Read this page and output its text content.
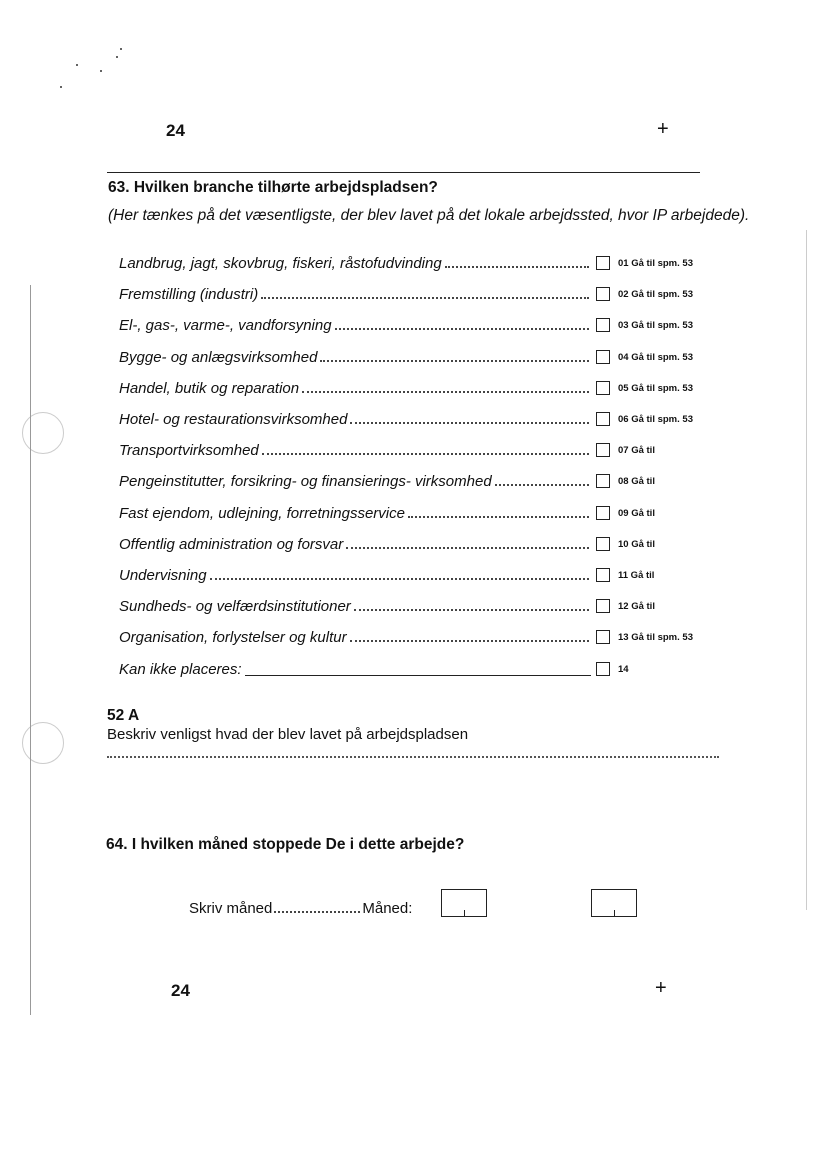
24	+
63. Hvilken branche tilhørte arbejdspladsen?
(Her tænkes på det væsentligste, der blev lavet på det lokale arbejdssted, hvor IP arbejdede).
Landbrug, jagt, skovbrug, fiskeri, råstofudvinding	01 Gå til spm. 53
Fremstilling (industri)	02 Gå til spm. 53
El-, gas-, varme-, vandforsyning	03 Gå til spm. 53
Bygge- og anlægsvirksomhed	04 Gå til spm. 53
Handel, butik og reparation	05 Gå til spm. 53
Hotel- og restaurationsvirksomhed	06 Gå til spm. 53
Transportvirksomhed	07 Gå til
Pengeinstitutter, forsikring- og finansierings- virksomhed	08 Gå til
Fast ejendom, udlejning, forretningsservice	09 Gå til
Offentlig administration og forsvar	10 Gå til
Undervisning	11 Gå til
Sundheds- og velfærdsinstitutioner	12 Gå til
Organisation, forlystelser og kultur	13 Gå til spm. 53
Kan ikke placeres:	14
52 A
Beskriv venligst hvad der blev lavet på arbejdspladsen
64. I hvilken måned stoppede De i dette arbejde?
Skriv måned	Måned:
24	+
